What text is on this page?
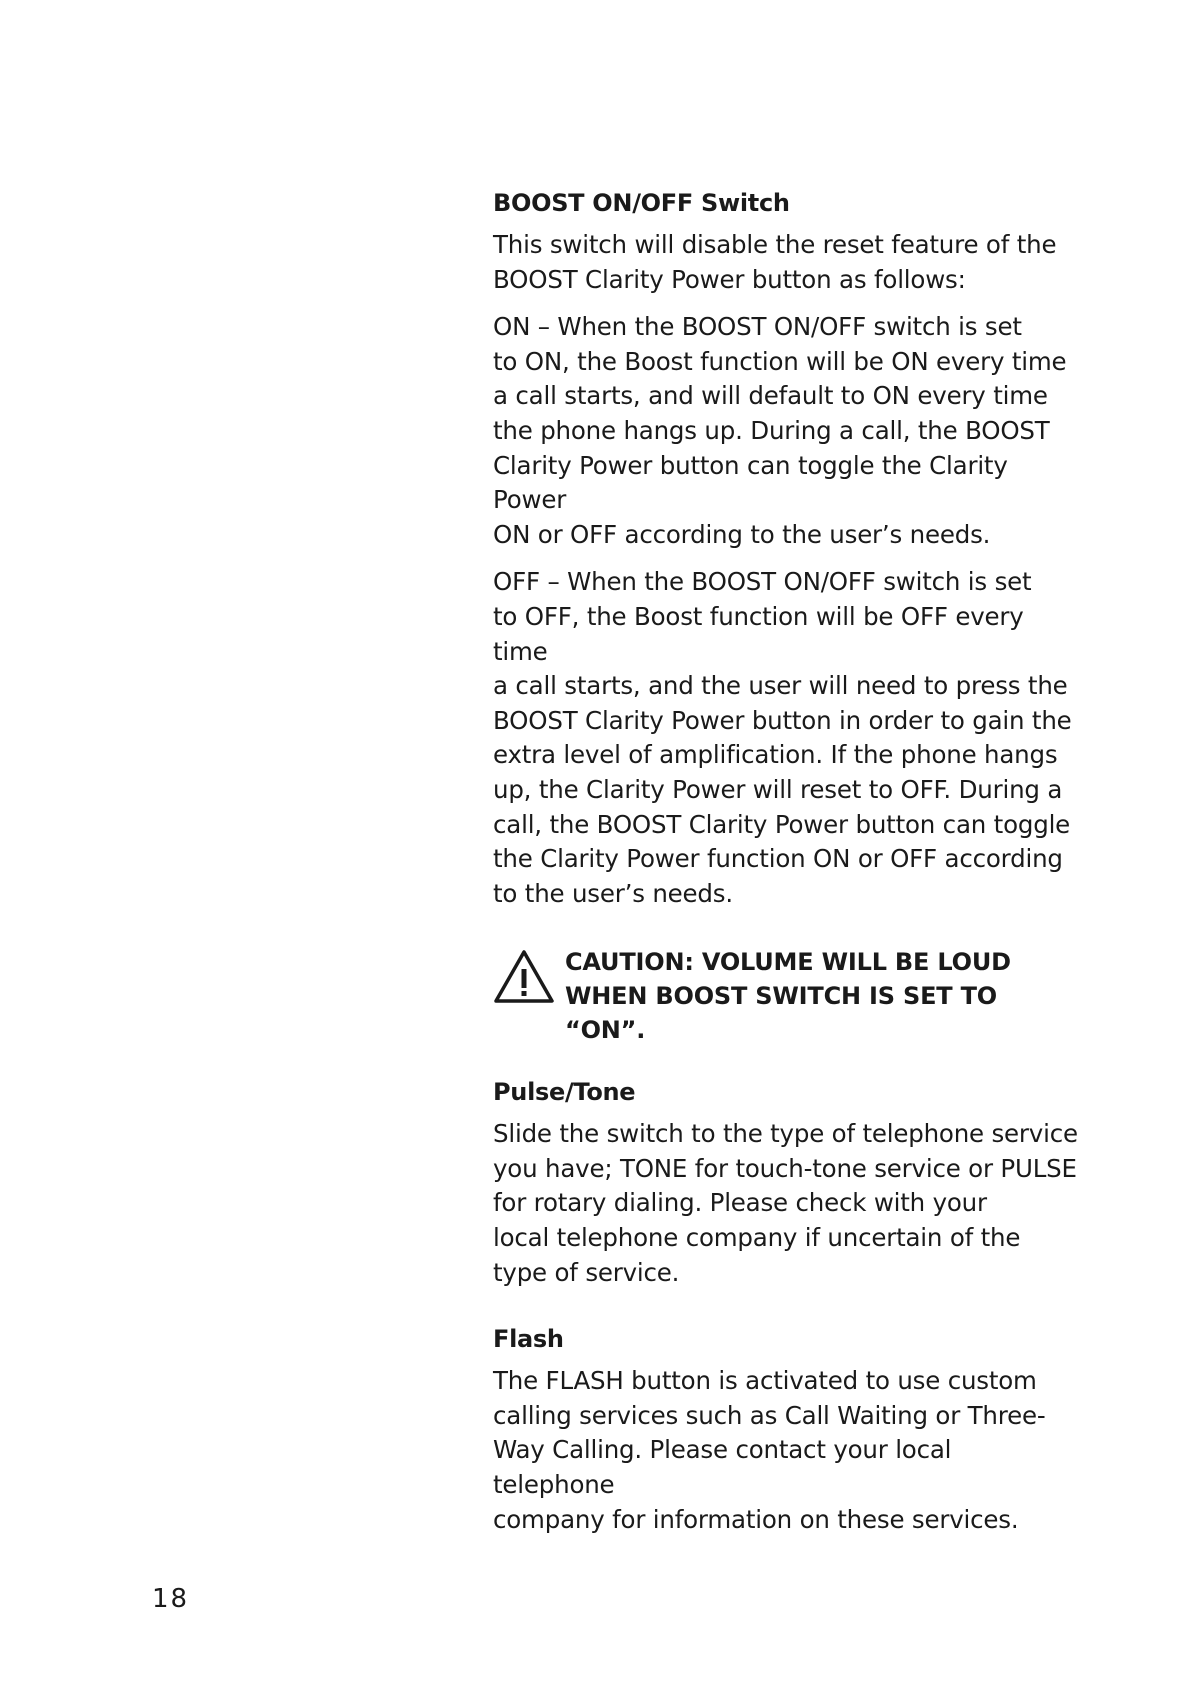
BOOST ON/OFF Switch

This switch will disable the reset feature of the
BOOST Clarity Power button as follows:

ON – When the BOOST ON/OFF switch is set
to ON, the Boost function will be ON every time
a call starts, and will default to ON every time
the phone hangs up. During a call, the BOOST
Clarity Power button can toggle the Clarity Power
ON or OFF according to the user’s needs.

OFF – When the BOOST ON/OFF switch is set
to OFF, the Boost function will be OFF every time
a call starts, and the user will need to press the
BOOST Clarity Power button in order to gain the
extra level of amplification. If the phone hangs
up, the Clarity Power will reset to OFF. During a
call, the BOOST Clarity Power button can toggle
the Clarity Power function ON or OFF according
to the user’s needs.

CAUTION: VOLUME WILL BE LOUD
WHEN BOOST SWITCH IS SET TO “ON”.
Pulse/Tone

Slide the switch to the type of telephone service
you have; TONE for touch-tone service or PULSE
for rotary dialing. Please check with your
local telephone company if uncertain of the
type of service.

Flash

The FLASH button is activated to use custom
calling services such as Call Waiting or Three-
Way Calling. Please contact your local telephone
company for information on these services.

18
